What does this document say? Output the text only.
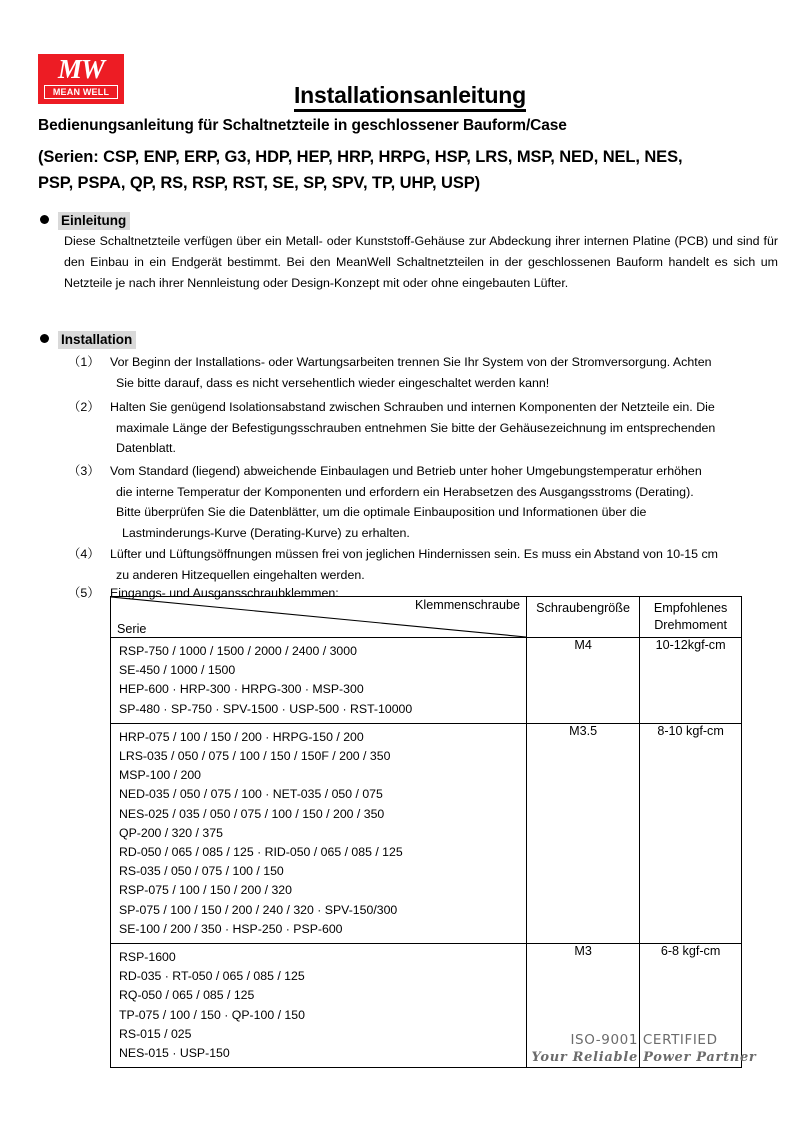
MW
MEAN WELL	Installationsanleitung
Bedienungsanleitung für Schaltnetzteile in geschlossener Bauform/Case
(Serien: CSP, ENP, ERP, G3, HDP, HEP, HRP, HRPG, HSP, LRS, MSP, NED, NEL, NES,
PSP, PSPA, QP, RS, RSP, RST, SE, SP, SPV, TP, UHP, USP)
Einleitung
Diese Schaltnetzteile verfügen über ein Metall- oder Kunststoff-Gehäuse zur Abdeckung ihrer internen Platine (PCB) und sind für den Einbau in ein Endgerät bestimmt. Bei den MeanWell Schaltnetzteilen in der geschlossenen Bauform handelt es sich um Netzteile je nach ihrer Nennleistung oder Design-Konzept mit oder ohne eingebauten Lüfter.
Installation
（1） Vor Beginn der Installations- oder Wartungsarbeiten trennen Sie Ihr System von der Stromversorgung. Achten
Sie bitte darauf, dass es nicht versehentlich wieder eingeschaltet werden kann!
（2） Halten Sie genügend Isolationsabstand zwischen Schrauben und internen Komponenten der Netzteile ein. Die
maximale Länge der Befestigungsschrauben entnehmen Sie bitte der Gehäusezeichnung im entsprechenden
Datenblatt.
（3） Vom Standard (liegend) abweichende Einbaulagen und Betrieb unter hoher Umgebungstemperatur erhöhen
die interne Temperatur der Komponenten und erfordern ein Herabsetzen des Ausgangsstroms (Derating).
Bitte überprüfen Sie die Datenblätter, um die optimale Einbauposition und Informationen über die
Lastminderungs-Kurve (Derating-Kurve) zu erhalten.
（4） Lüfter und Lüftungsöffnungen müssen frei von jeglichen Hindernissen sein. Es muss ein Abstand von 10-15 cm
zu anderen Hitzequellen eingehalten werden.
（5） Eingangs- und Ausgansschraubklemmen:
Klemmenschraube
Serie
	Schraubengröße	Empfohlenes
Drehmoment

RSP-750 / 1000 / 1500 / 2000 / 2400 / 3000
SE-450 / 1000 / 1500
HEP-600 · HRP-300 · HRPG-300 · MSP-300
SP-480 · SP-750 · SPV-1500 · USP-500 · RST-10000	M4	10-12kgf-cm

HRP-075 / 100 / 150 / 200 · HRPG-150 / 200
LRS-035 / 050 / 075 / 100 / 150 / 150F / 200 / 350
MSP-100 / 200
NED-035 / 050 / 075 / 100 · NET-035 / 050 / 075
NES-025 / 035 / 050 / 075 / 100 / 150 / 200 / 350
QP-200 / 320 / 375
RD-050 / 065 / 085 / 125 · RID-050 / 065 / 085 / 125
RS-035 / 050 / 075 / 100 / 150
RSP-075 / 100 / 150 / 200 / 320
SP-075 / 100 / 150 / 200 / 240 / 320 · SPV-150/300
SE-100 / 200 / 350 · HSP-250 · PSP-600
	M3.5	8-10 kgf-cm

RSP-1600
RD-035 · RT-050 / 065 / 085 / 125
RQ-050 / 065 / 085 / 125
TP-075 / 100 / 150 · QP-100 / 150
RS-015 / 025
NES-015 · USP-150
	M3	6-8 kgf-cm
ISO-9001 CERTIFIED
Your Reliable Power Partner
